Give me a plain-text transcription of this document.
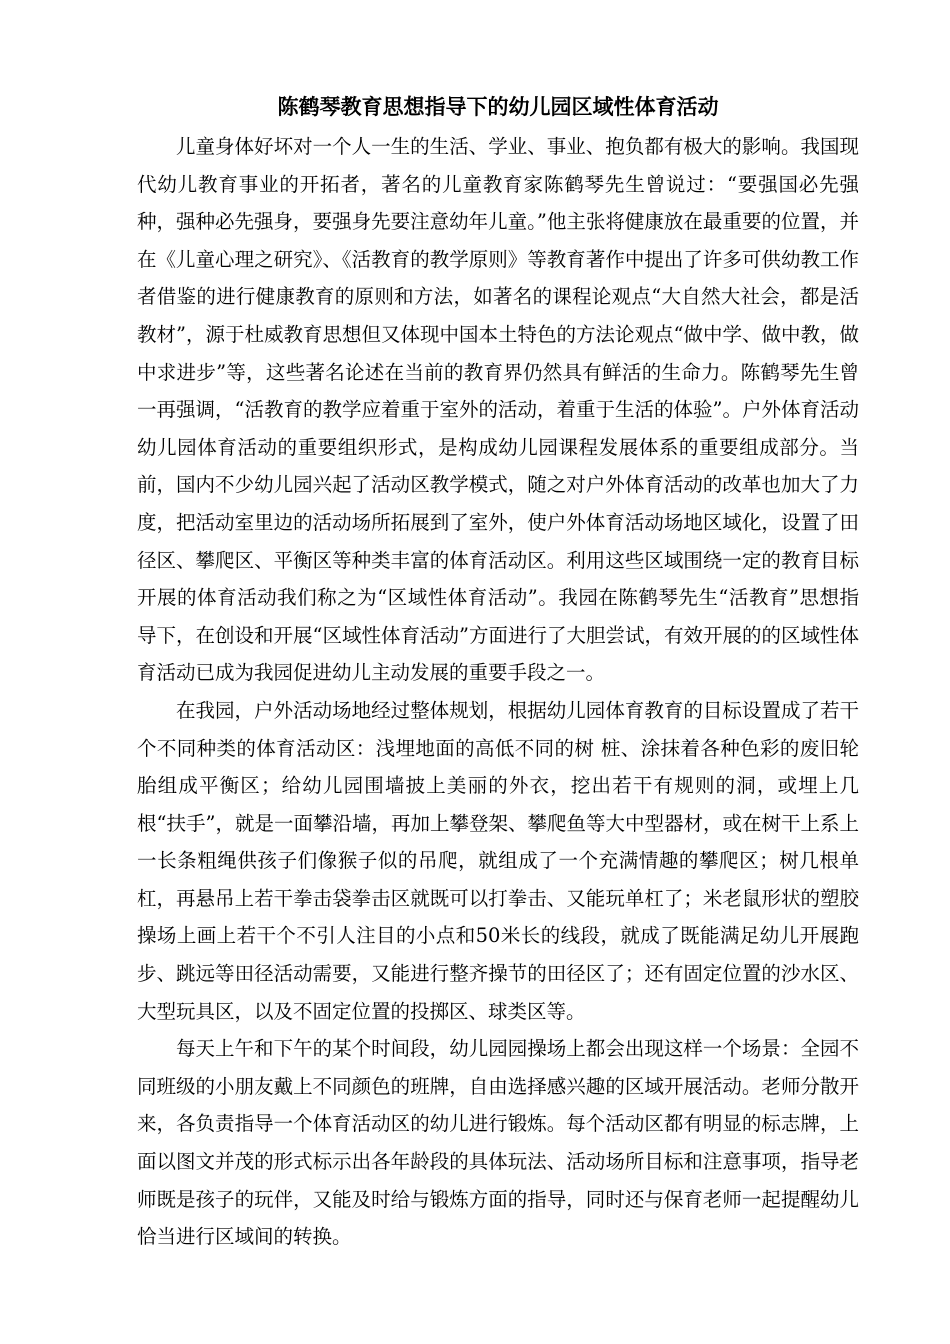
陈鹤琴教育思想指导下的幼儿园区域性体育活动

儿童身体好坏对一个人一生的生活、学业、事业、抱负都有极大的影响。我国现代幼儿教育事业的开拓者，著名的儿童教育家陈鹤琴先生曾说过：“要强国必先强种，强种必先强身，要强身先要注意幼年儿童。”他主张将健康放在最重要的位置，并在《儿童心理之研究》、《活教育的教学原则》等教育著作中提出了许多可供幼教工作者借鉴的进行健康教育的原则和方法，如著名的课程论观点“大自然大社会，都是活教材”，源于杜威教育思想但又体现中国本土特色的方法论观点“做中学、做中教，做中求进步”等，这些著名论述在当前的教育界仍然具有鲜活的生命力。陈鹤琴先生曾一再强调，“活教育的教学应着重于室外的活动，着重于生活的体验”。户外体育活动幼儿园体育活动的重要组织形式，是构成幼儿园课程发展体系的重要组成部分。当前，国内不少幼儿园兴起了活动区教学模式，随之对户外体育活动的改革也加大了力度，把活动室里边的活动场所拓展到了室外，使户外体育活动场地区域化，设置了田径区、攀爬区、平衡区等种类丰富的体育活动区。利用这些区域围绕一定的教育目标开展的体育活动我们称之为“区域性体育活动”。我园在陈鹤琴先生“活教育”思想指导下，在创设和开展“区域性体育活动”方面进行了大胆尝试，有效开展的的区域性体育活动已成为我园促进幼儿主动发展的重要手段之一。

在我园，户外活动场地经过整体规划，根据幼儿园体育教育的目标设置成了若干个不同种类的体育活动区：浅埋地面的高低不同的树 桩、涂抹着各种色彩的废旧轮胎组成平衡区；给幼儿园围墙披上美丽的外衣，挖出若干有规则的洞，或埋上几根“扶手”，就是一面攀沿墙，再加上攀登架、攀爬鱼等大中型器材，或在树干上系上一长条粗绳供孩子们像猴子似的吊爬，就组成了一个充满情趣的攀爬区；树几根单杠，再悬吊上若干拳击袋拳击区就既可以打拳击、又能玩单杠了；米老鼠形状的塑胶操场上画上若干个不引人注目的小点和50米长的线段，就成了既能满足幼儿开展跑步、跳远等田径活动需要，又能进行整齐操节的田径区了；还有固定位置的沙水区、大型玩具区，以及不固定位置的投掷区、球类区等。

每天上午和下午的某个时间段，幼儿园园操场上都会出现这样一个场景：全园不同班级的小朋友戴上不同颜色的班牌，自由选择感兴趣的区域开展活动。老师分散开来，各负责指导一个体育活动区的幼儿进行锻炼。每个活动区都有明显的标志牌，上面以图文并茂的形式标示出各年龄段的具体玩法、活动场所目标和注意事项，指导老师既是孩子的玩伴，又能及时给与锻炼方面的指导，同时还与保育老师一起提醒幼儿恰当进行区域间的转换。
